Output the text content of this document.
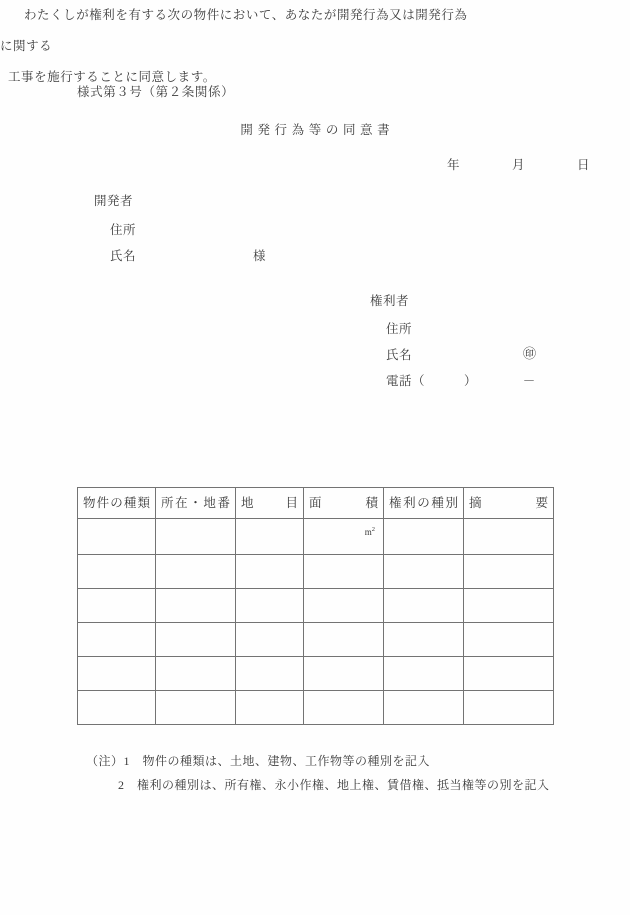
様式第３号（第２条関係）
開発行為等の同意書
年　　　　月　　　　日
開発者
住所
氏名	様
権利者
住所
氏名	㊞
電話（　　　）　　　　－
わたくしが権利を有する次の物件において、あなたが開発行為又は開発行為に関する
工事を施行することに同意します。
物件の種類	所在・地番	地目	面積	権利の種別	摘要

			$m^2$

（注）1　物件の種類は、土地、建物、工作物等の種別を記入
2　権利の種別は、所有権、永小作権、地上権、賃借権、抵当権等の別を記入
